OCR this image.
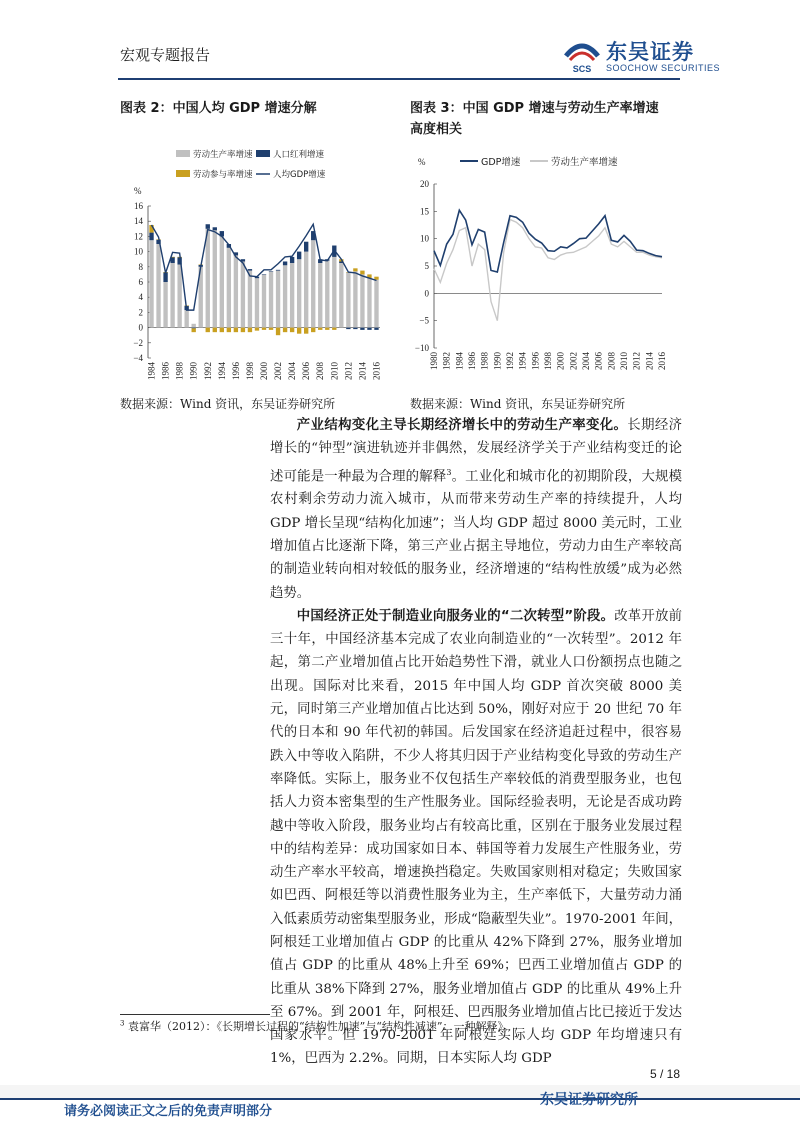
宏观专题报告
SCS
东吴证券
SOOCHOW SECURITIES
图表 2：中国人均 GDP 增速分解	图表 3：中国 GDP 增速与劳动生产率增速
高度相关
劳动生产率增速 人口红利增速
劳动参与率增速 人均GDP增速
%
−4
−2
0
2
4
6
8
10
12
14
16
1984 1986 1988 1990 1992 1994 1996 1998 2000 2002 2004 2006 2008 2010 2012 2014 2016
GDP增速	劳动生产率增速
%
−10
−5
0
5
10
15
20
1980 1982 1984 1986 1988 1990 1992 1994 1996 1998 2000 2002 2004 2006 2008 2010 2012 2014 2016
数据来源：Wind 资讯，东吴证券研究所	数据来源：Wind 资讯，东吴证券研究所

产业结构变化主导长期经济增长中的劳动生产率变化。长期经济增长的“钟型”演进轨迹并非偶然，发展经济学关于产业结构变迁的论述可能是一种最为合理的解释$^3$。工业化和城市化的初期阶段，大规模农村剩余劳动力流入城市，从而带来劳动生产率的持续提升，人均 GDP 增长呈现“结构化加速”；当人均 GDP 超过 8000 美元时，工业增加值占比逐渐下降，第三产业占据主导地位，劳动力由生产率较高的制造业转向相对较低的服务业，经济增速的“结构性放缓”成为必然趋势。

中国经济正处于制造业向服务业的“二次转型”阶段。改革开放前三十年，中国经济基本完成了农业向制造业的“一次转型”。2012 年起，第二产业增加值占比开始趋势性下滑，就业人口份额拐点也随之出现。国际对比来看，2015 年中国人均 GDP 首次突破 8000 美元，同时第三产业增加值占比达到 50%，刚好对应于 20 世纪 70 年代的日本和 90 年代初的韩国。后发国家在经济追赶过程中，很容易跌入中等收入陷阱，不少人将其归因于产业结构变化导致的劳动生产率降低。实际上，服务业不仅包括生产率较低的消费型服务业，也包括人力资本密集型的生产性服务业。国际经验表明，无论是否成功跨越中等收入阶段，服务业均占有较高比重，区别在于服务业发展过程中的结构差异：成功国家如日本、韩国等着力发展生产性服务业，劳动生产率水平较高，增速换挡稳定。失败国家则相对稳定；失败国家如巴西、阿根廷等以消费性服务业为主，生产率低下，大量劳动力涌入低素质劳动密集型服务业，形成“隐蔽型失业”。1970-2001 年间，阿根廷工业增加值占 GDP 的比重从 42%下降到 27%，服务业增加值占 GDP 的比重从 48%上升至 69%；巴西工业增加值占 GDP 的比重从 38%下降到 27%，服务业增加值占 GDP 的比重从 49%上升至 67%。到 2001 年，阿根廷、巴西服务业增加值占比已接近于发达国家水平。但 1970-2001 年阿根廷实际人均 GDP 年均增速只有 1%，巴西为 2.2%。同期，日本实际人均 GDP

$^3$ 袁富华（2012）：《长期增长过程的“结构性加速”与“结构性减速”：一种解释》。
5 / 18
请务必阅读正文之后的免责声明部分
东吴证券研究所
